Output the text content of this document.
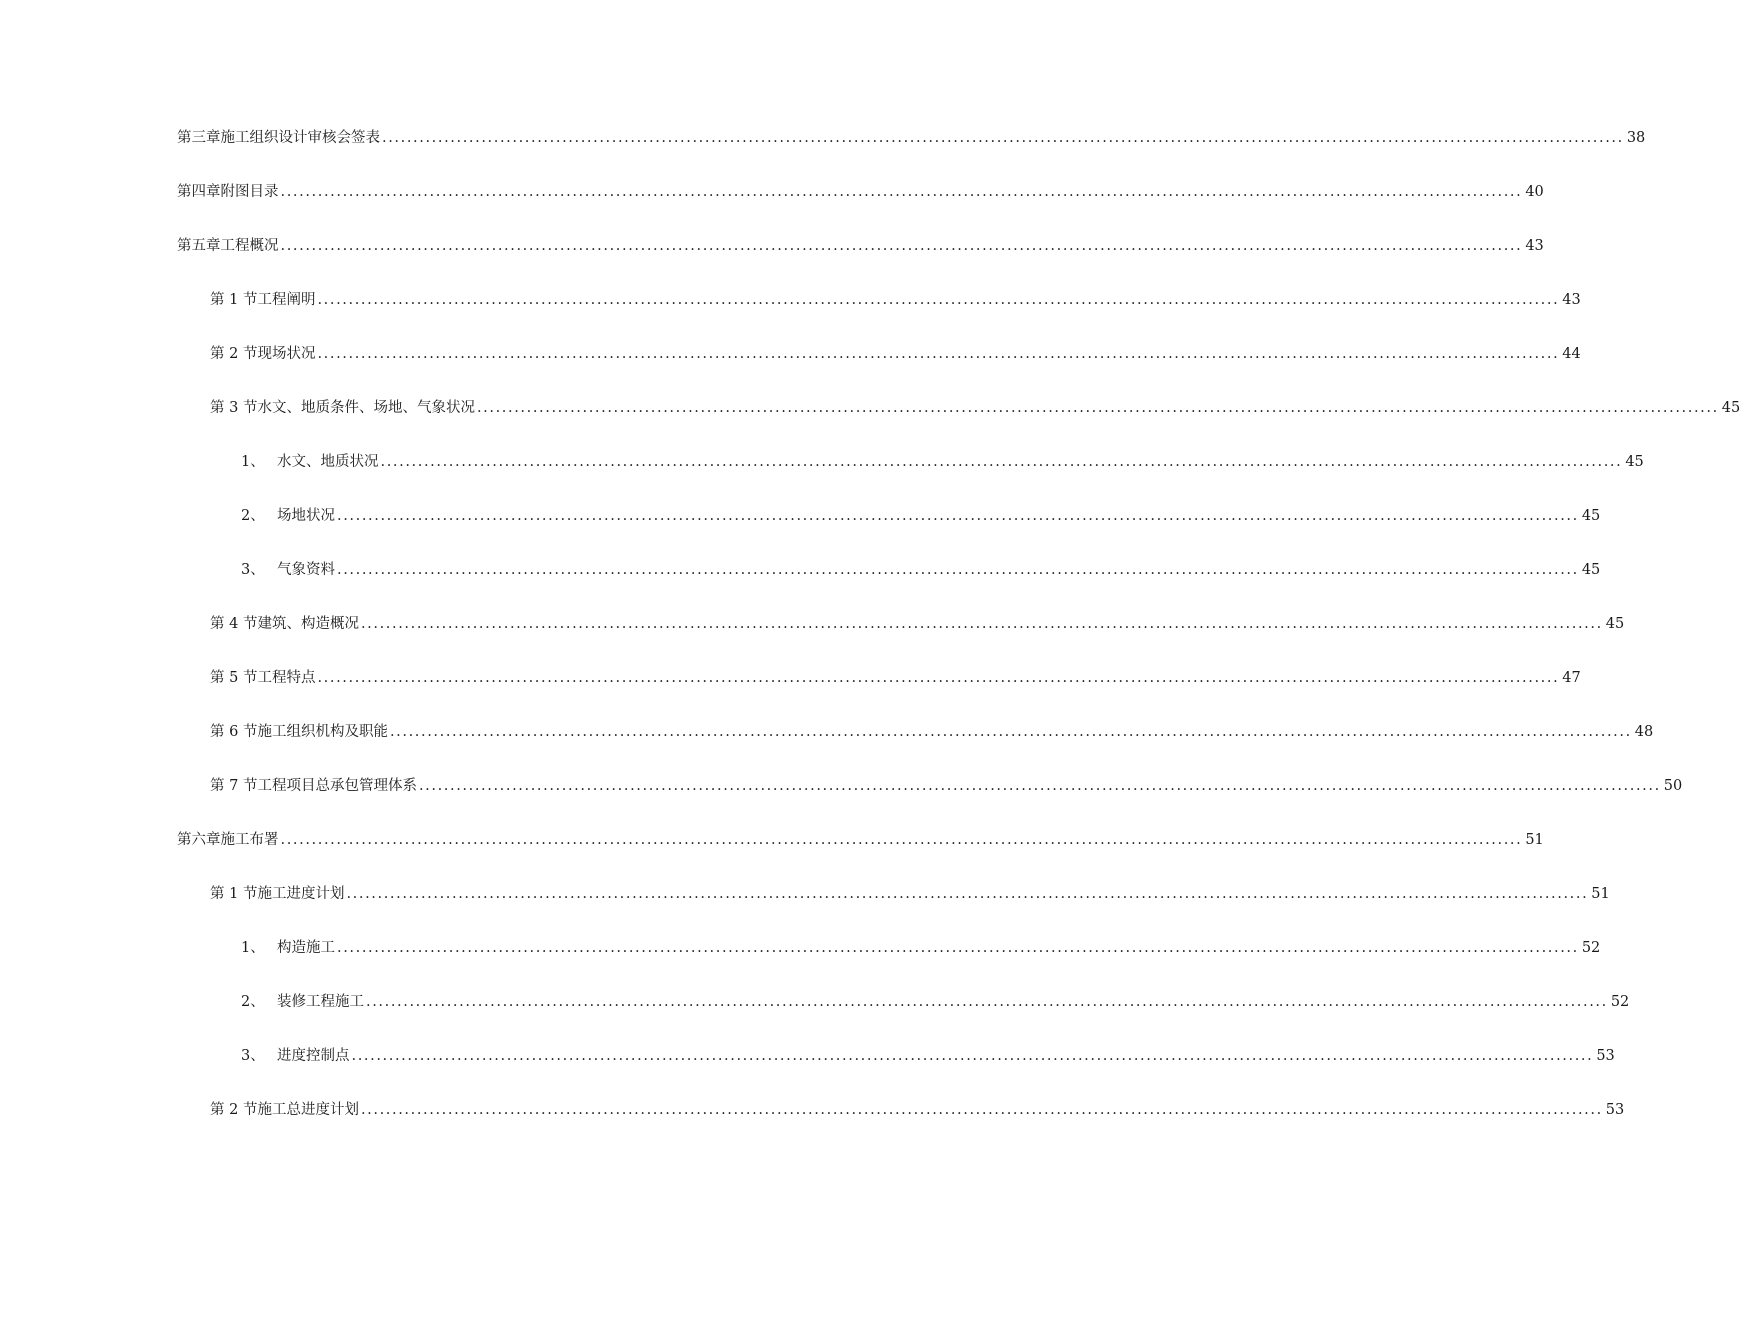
第三章 施工组织设计审核会签表 ........................................................................................................................................................................................................ 38
第四章 附图目录 ........................................................................................................................................................................................................ 40
第五章 工程概况 ........................................................................................................................................................................................................ 43
第 1 节 工程阐明 ........................................................................................................................................................................................................ 43
第 2 节 现场状况 ........................................................................................................................................................................................................ 44
第 3 节 水文、地质条件、场地、气象状况 ........................................................................................................................................................................................................ 45
1、 水文、地质状况 ........................................................................................................................................................................................................ 45
2、 场地状况 ........................................................................................................................................................................................................ 45
3、 气象资料 ........................................................................................................................................................................................................ 45
第 4 节 建筑、构造概况 ........................................................................................................................................................................................................ 45
第 5 节 工程特点 ........................................................................................................................................................................................................ 47
第 6 节 施工组织机构及职能 ........................................................................................................................................................................................................ 48
第 7 节 工程项目总承包管理体系 ........................................................................................................................................................................................................ 50
第六章 施工布署 ........................................................................................................................................................................................................ 51
第 1 节 施工进度计划 ........................................................................................................................................................................................................ 51
1、 构造施工 ........................................................................................................................................................................................................ 52
2、 装修工程施工 ........................................................................................................................................................................................................ 52
3、 进度控制点 ........................................................................................................................................................................................................ 53
第 2 节 施工总进度计划 ........................................................................................................................................................................................................ 53
